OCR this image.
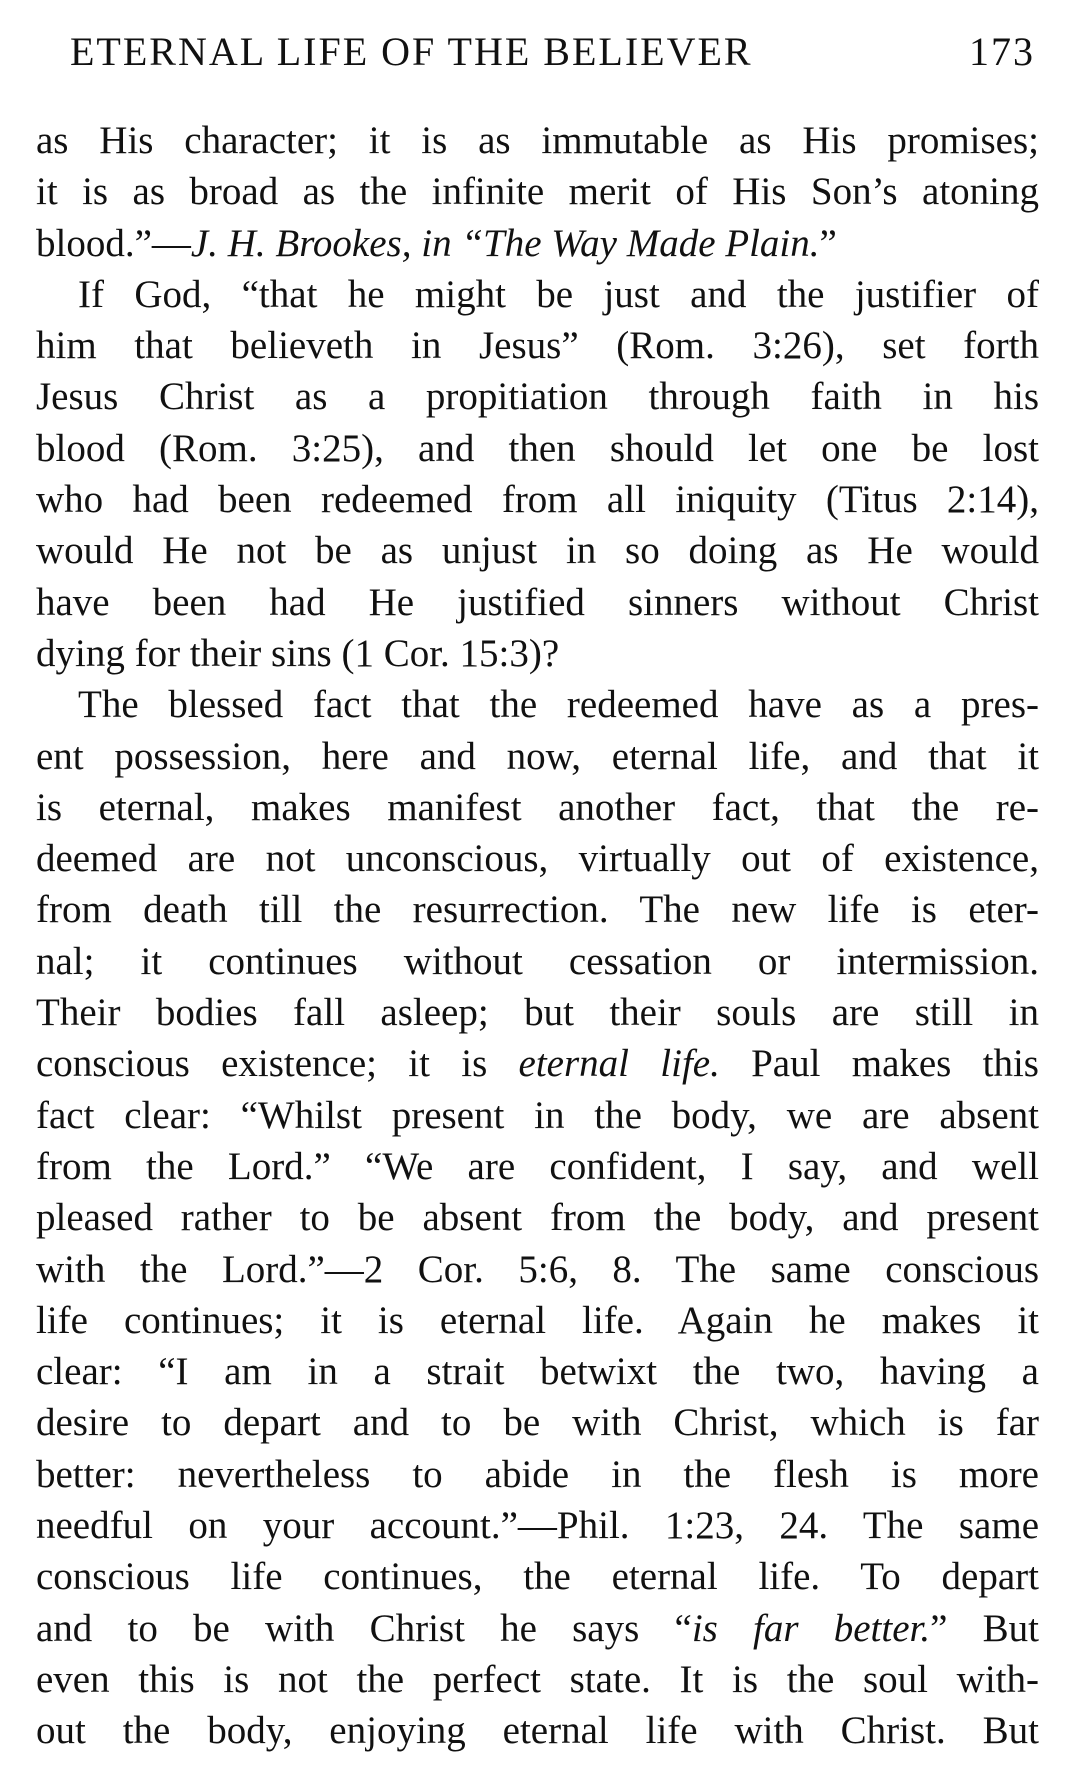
ETERNAL LIFE OF THE BELIEVER	173
as His character; it is as immutable as His promises;
it is as broad as the infinite merit of His Son’s atoning
blood.”—J. H. Brookes, in “The Way Made Plain.”
If God, “that he might be just and the justifier of
him that believeth in Jesus” (Rom. 3:26), set forth
Jesus Christ as a propitiation through faith in his
blood (Rom. 3:25), and then should let one be lost
who had been redeemed from all iniquity (Titus 2:14),
would He not be as unjust in so doing as He would
have been had He justified sinners without Christ
dying for their sins (1 Cor. 15:3)?
The blessed fact that the redeemed have as a pres-
ent possession, here and now, eternal life, and that it
is eternal, makes manifest another fact, that the re-
deemed are not unconscious, virtually out of existence,
from death till the resurrection. The new life is eter-
nal; it continues without cessation or intermission.
Their bodies fall asleep; but their souls are still in
conscious existence; it is eternal life. Paul makes this
fact clear: “Whilst present in the body, we are absent
from the Lord.” “We are confident, I say, and well
pleased rather to be absent from the body, and present
with the Lord.”—2 Cor. 5:6, 8. The same conscious
life continues; it is eternal life. Again he makes it
clear: “I am in a strait betwixt the two, having a
desire to depart and to be with Christ, which is far
better: nevertheless to abide in the flesh is more
needful on your account.”—Phil. 1:23, 24. The same
conscious life continues, the eternal life. To depart
and to be with Christ he says “is far better.” But
even this is not the perfect state. It is the soul with-
out the body, enjoying eternal life with Christ. But
